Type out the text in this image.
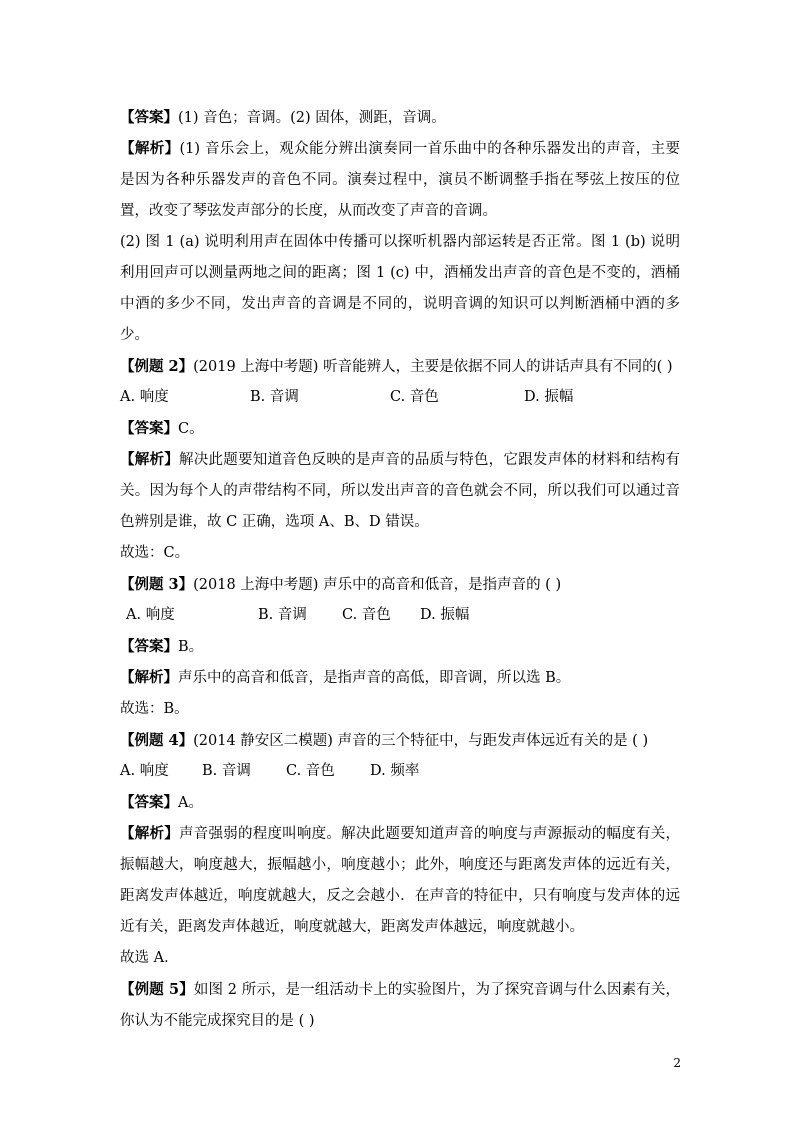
【答案】(1) 音色；音调。(2) 固体，测距，音调。
【解析】(1) 音乐会上，观众能分辨出演奏同一首乐曲中的各种乐器发出的声音，主要是因为各种乐器发声的音色不同。演奏过程中，演员不断调整手指在琴弦上按压的位置，改变了琴弦发声部分的长度，从而改变了声音的音调。
(2) 图 1 (a) 说明利用声在固体中传播可以探听机器内部运转是否正常。图 1 (b) 说明利用回声可以测量两地之间的距离；图 1 (c) 中，酒桶发出声音的音色是不变的，酒桶中酒的多少不同，发出声音的音调是不同的，说明音调的知识可以判断酒桶中酒的多少。
【例题 2】(2019 上海中考题) 听音能辨人，主要是依据不同人的讲话声具有不同的( )
A. 响度	B. 音调	C. 音色	D. 振幅
【答案】C。
【解析】解决此题要知道音色反映的是声音的品质与特色，它跟发声体的材料和结构有关。因为每个人的声带结构不同，所以发出声音的音色就会不同，所以我们可以通过音色辨别是谁，故 C 正确，选项 A、B、D 错误。
故选：C。
【例题 3】(2018 上海中考题) 声乐中的高音和低音，是指声音的 ( )
A. 响度	B. 音调	C. 音色	D. 振幅
【答案】B。
【解析】声乐中的高音和低音，是指声音的高低，即音调，所以选 B。
故选：B。
【例题 4】(2014 静安区二模题) 声音的三个特征中，与距发声体远近有关的是 ( )
A. 响度	B. 音调	C. 音色	D. 频率
【答案】A。
【解析】声音强弱的程度叫响度。解决此题要知道声音的响度与声源振动的幅度有关，振幅越大，响度越大，振幅越小，响度越小；此外，响度还与距离发声体的远近有关，距离发声体越近，响度就越大，反之会越小．在声音的特征中，只有响度与发声体的远近有关，距离发声体越近，响度就越大，距离发声体越远，响度就越小。
故选 A．
【例题 5】如图 2 所示，是一组活动卡上的实验图片，为了探究音调与什么因素有关，你认为不能完成探究目的是 ( )
2
